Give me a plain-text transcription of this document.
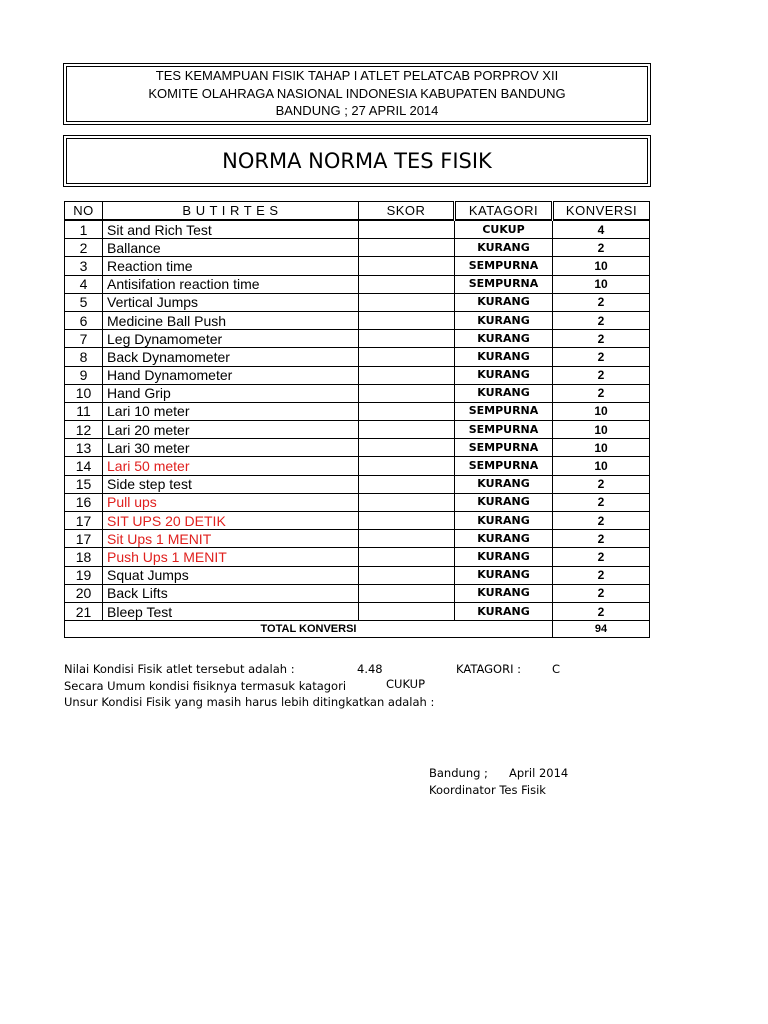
TES KEMAMPUAN FISIK TAHAP I ATLET PELATCAB PORPROV XII
KOMITE OLAHRAGA NASIONAL INDONESIA KABUPATEN BANDUNG
BANDUNG ; 27 APRIL 2014
NORMA NORMA TES FISIK
NO	B U T I R T E S	SKOR	KATAGORI	KONVERSI
1	Sit and Rich Test		CUKUP	4
2	Ballance		KURANG	2
3	Reaction time		SEMPURNA	10
4	Antisifation reaction time		SEMPURNA	10
5	Vertical Jumps		KURANG	2
6	Medicine Ball Push		KURANG	2
7	Leg Dynamometer		KURANG	2
8	Back Dynamometer		KURANG	2
9	Hand Dynamometer		KURANG	2
10	Hand Grip		KURANG	2
11	Lari 10 meter		SEMPURNA	10
12	Lari 20 meter		SEMPURNA	10
13	Lari 30 meter		SEMPURNA	10
14	Lari 50 meter		SEMPURNA	10
15	Side step test		KURANG	2
16	Pull ups		KURANG	2
17	SIT UPS 20 DETIK		KURANG	2
17	Sit Ups 1 MENIT		KURANG	2
18	Push Ups 1 MENIT		KURANG	2
19	Squat Jumps		KURANG	2
20	Back Lifts		KURANG	2
21	Bleep Test		KURANG	2
TOTAL KONVERSI				94
Nilai Kondisi Fisik atlet tersebut adalah :	4.48	KATAGORI :	C
Secara Umum kondisi fisiknya termasuk katagori	CUKUP
Unsur Kondisi Fisik yang masih harus lebih ditingkatkan adalah :
Bandung ; April 2014
Koordinator Tes Fisik
